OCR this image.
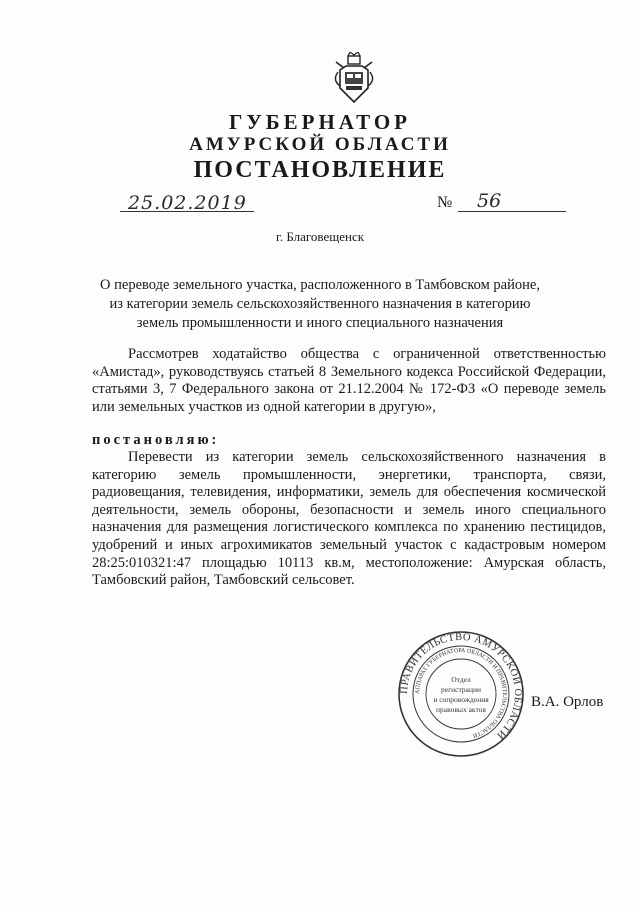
ГУБЕРНАТОР
АМУРСКОЙ ОБЛАСТИ
ПОСТАНОВЛЕНИЕ
25.02.2019	№ 56
г. Благовещенск
О переводе земельного участка, расположенного в Тамбовском районе, из категории земель сельскохозяйственного назначения в категорию земель промышленности и иного специального назначения
Рассмотрев ходатайство общества с ограниченной ответственностью «Амистад», руководствуясь статьей 8 Земельного кодекса Российской Федерации, статьями 3, 7 Федерального закона от 21.12.2004 № 172-ФЗ «О переводе земель или земельных участков из одной категории в другую»,
постановляю:
Перевести из категории земель сельскохозяйственного назначения в категорию земель промышленности, энергетики, транспорта, связи, радиовещания, телевидения, информатики, земель для обеспечения космической деятельности, земель обороны, безопасности и земель иного специального назначения для размещения логистического комплекса по хранению пестицидов, удобрений и иных агрохимикатов земельный участок с кадастровым номером 28:25:010321:47 площадью 10113 кв.м, местоположение: Амурская область, Тамбовский район, Тамбовский сельсовет.
ПРАВИТЕЛЬСТВО АМУРСКОЙ ОБЛАСТИ
АППАРАТ ГУБЕРНАТОРА ОБЛАСТИ И ПРАВИТЕЛЬСТВА ОБЛАСТИ
Отдел
регистрации
и сопровождения
правовых актов	В.А. Орлов
